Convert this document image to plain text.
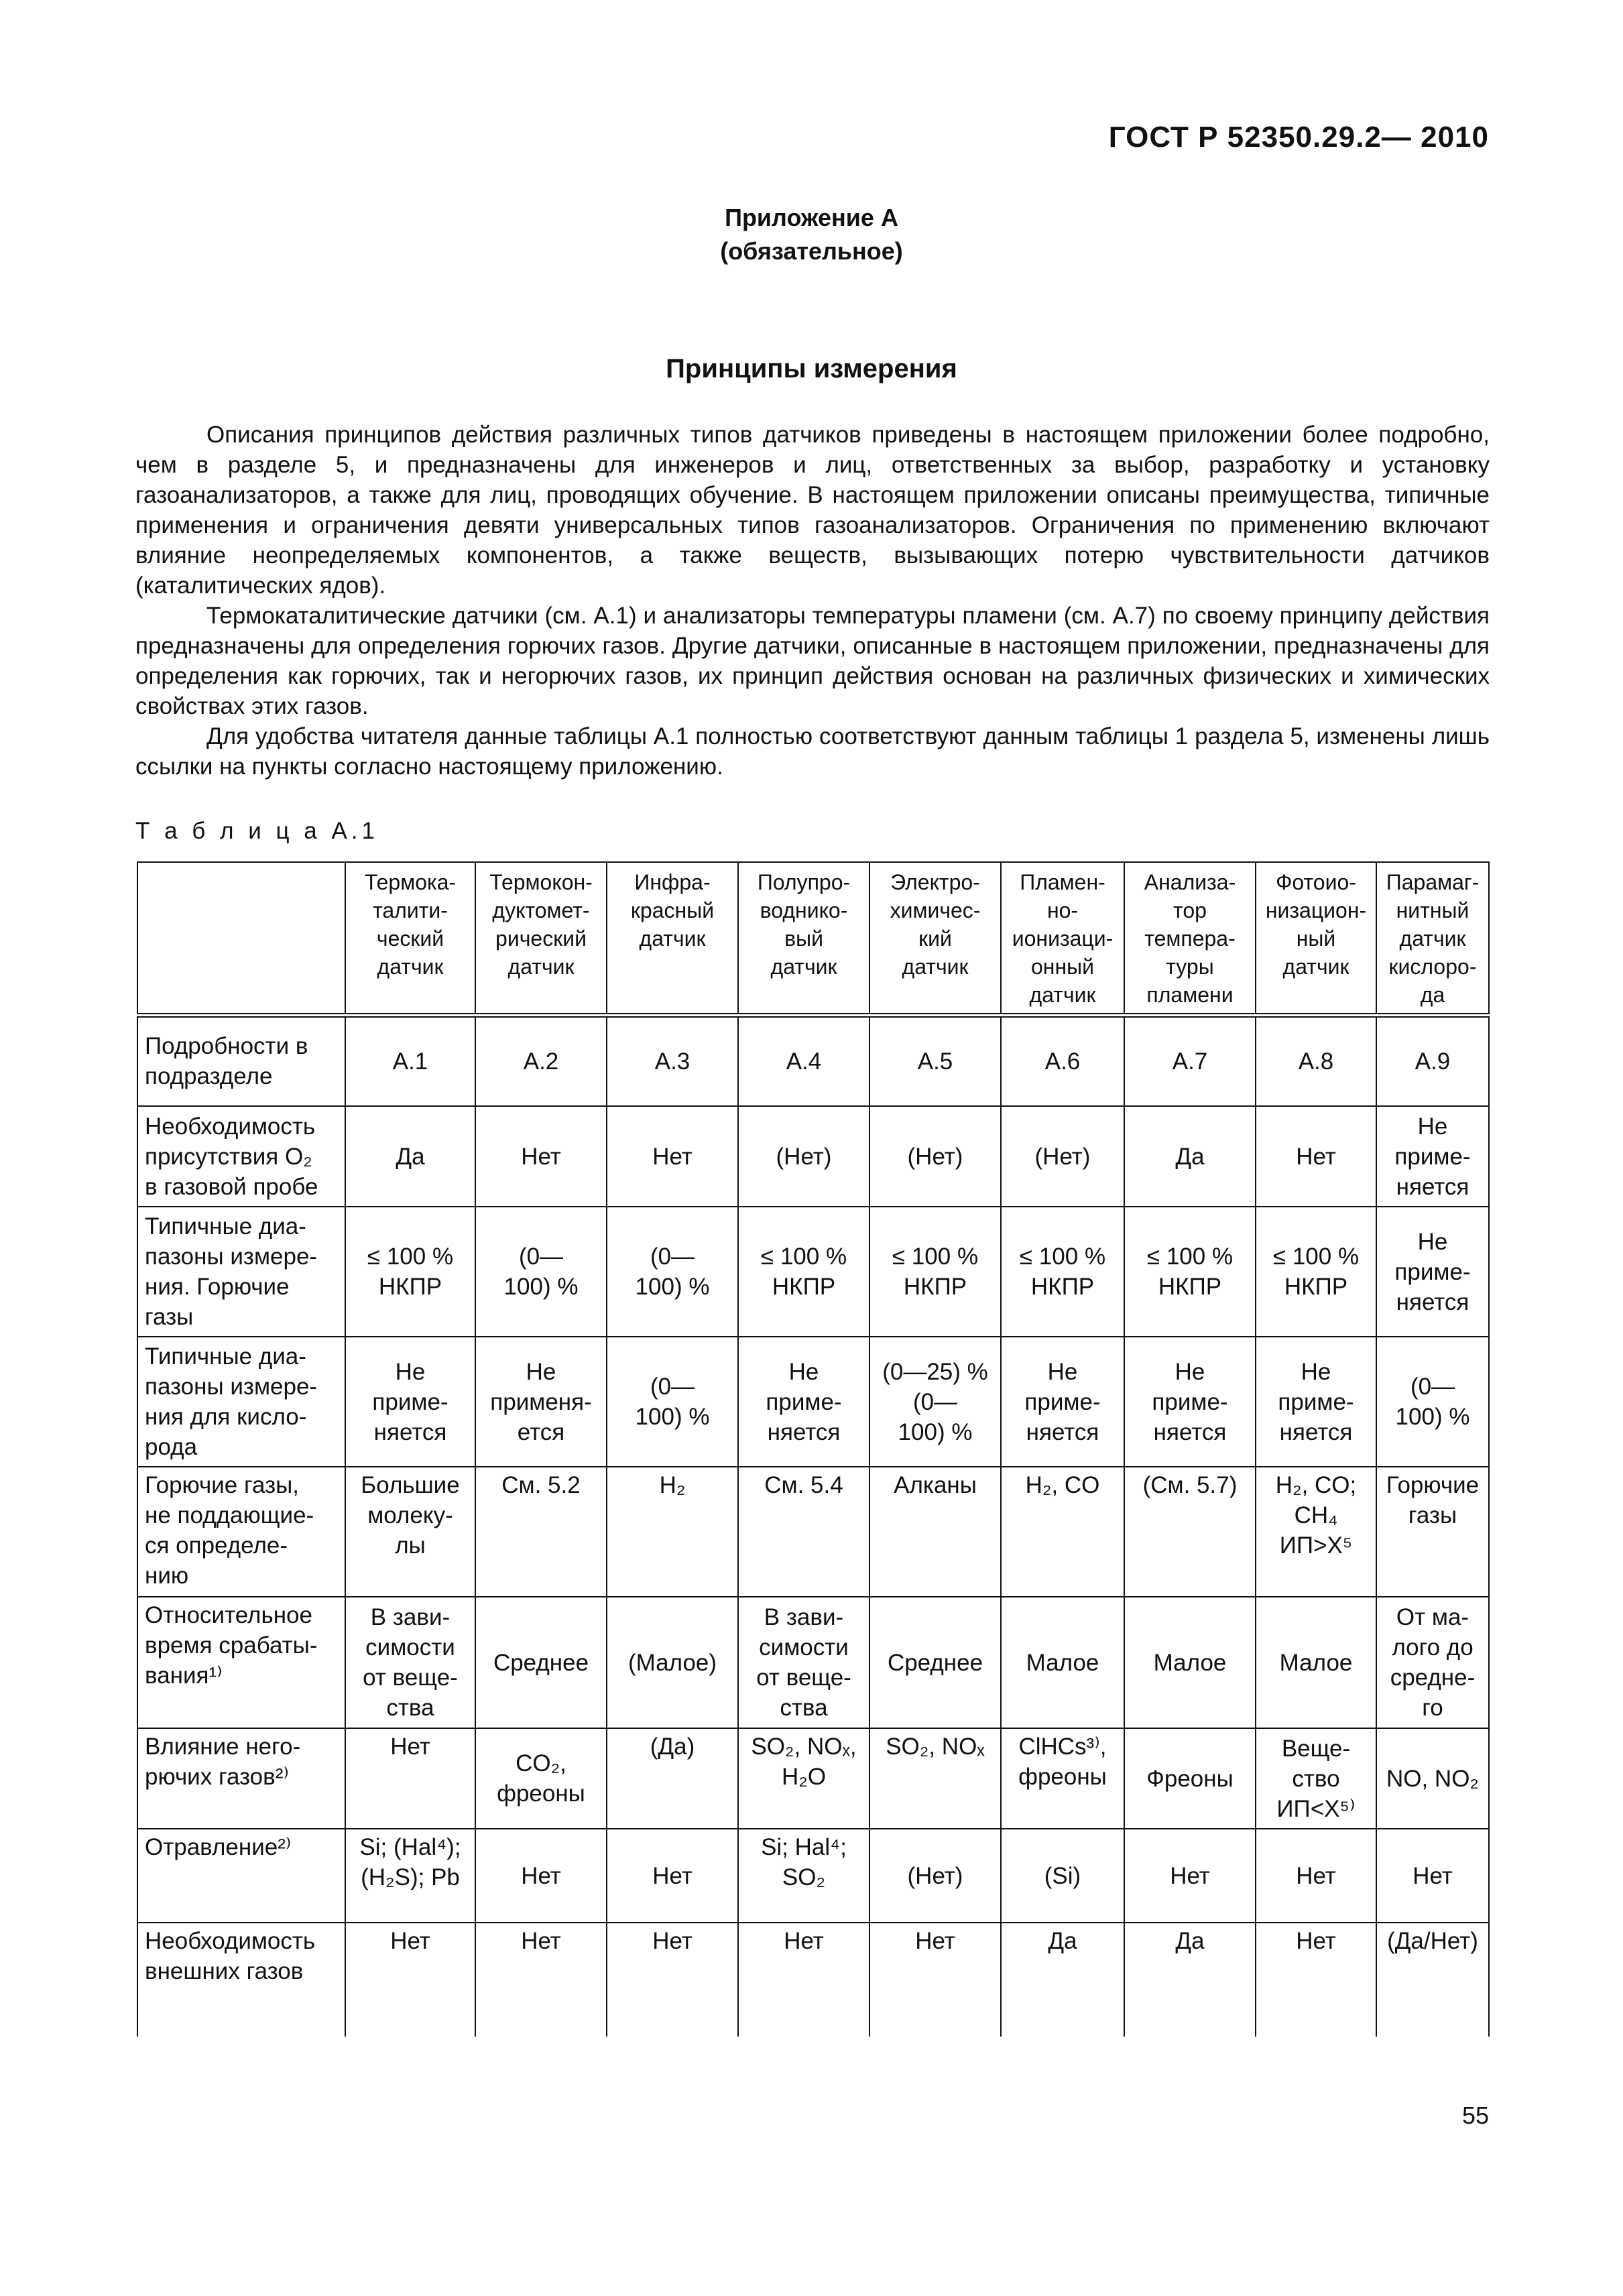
ГОСТ Р 52350.29.2— 2010
Приложение А
(обязательное)
Принципы измерения

Описания принципов действия различных типов датчиков приведены в настоящем приложении более подробно, чем в разделе 5, и предназначены для инженеров и лиц, ответственных за выбор, разработку и установку газоанализаторов, а также для лиц, проводящих обучение. В настоящем приложении описаны преимущества, типичные применения и ограничения девяти универсальных типов газоанализаторов. Ограничения по применению включают влияние неопределяемых компонентов, а также веществ, вызывающих потерю чувствительности датчиков (каталитических ядов).

Термокаталитические датчики (см. А.1) и анализаторы температуры пламени (см. А.7) по своему принципу действия предназначены для определения горючих газов. Другие датчики, описанные в настоящем приложении, предназначены для определения как горючих, так и негорючих газов, их принцип действия основан на различных физических и химических свойствах этих газов.

Для удобства читателя данные таблицы А.1 полностью соответствуют данным таблицы 1 раздела 5, изменены лишь ссылки на пункты согласно настоящему приложению.

Т а б л и ц а А.1
	Термока-
талити-
ческий
датчик	Термокон-
дуктомет-
рический
датчик	Инфра-
красный
датчик	Полупро-
воднико-
вый
датчик	Электро-
химичес-
кий
датчик	Пламен-
но-
ионизаци-
онный
датчик	Анализа-
тор
темпера-
туры
пламени	Фотоио-
низацион-
ный
датчик	Парамаг-
нитный
датчик
кислоро-
да
Подробности в
подразделе	А.1	А.2	А.3	А.4	А.5	А.6	А.7	А.8	А.9
Необходимость
присутствия O₂
в газовой пробе	Да	Нет	Нет	(Нет)	(Нет)	(Нет)	Да	Нет	Не
приме-
няется
Типичные диа-
пазоны измере-
ния. Горючие
газы	≤ 100 %
НКПР	(0—
100) %	(0—
100) %	≤ 100 %
НКПР	≤ 100 %
НКПР	≤ 100 %
НКПР	≤ 100 %
НКПР	≤ 100 %
НКПР	Не
приме-
няется
Типичные диа-
пазоны измере-
ния для кисло-
рода	Не
приме-
няется	Не
применя-
ется	(0—
100) %	Не
приме-
няется	(0—25) %
(0—
100) %	Не
приме-
няется	Не
приме-
няется	Не
приме-
няется	(0—
100) %
Горючие газы,
не поддающие-
ся определе-
нию	Большие
молеку-
лы	См. 5.2	H₂	См. 5.4	Алканы	H₂, CO	(См. 5.7)	H₂, CO;
CH₄
ИП>X⁵	Горючие
газы
Относительное
время срабаты-
вания¹⁾	В зави-
симости
от веще-
ства	Среднее	(Малое)	В зави-
симости
от веще-
ства	Среднее	Малое	Малое	Малое	От ма-
лого до
средне-
го
Влияние него-
рючих газов²⁾	Нет	CO₂,
фреоны	(Да)	SO₂, NOₓ,
H₂O	SO₂, NOₓ	ClHCs³⁾,
фреоны	Фреоны	Веще-
ство
ИП<X⁵⁾	NO, NO₂
Отравление²⁾	Si; (Hal⁴);
(H₂S); Pb	Нет	Нет	Si; Hal⁴;
SO₂	(Нет)	(Si)	Нет	Нет	Нет
Необходимость
внешних газов	Нет	Нет	Нет	Нет	Нет	Да	Да	Нет	(Да/Нет)
55
